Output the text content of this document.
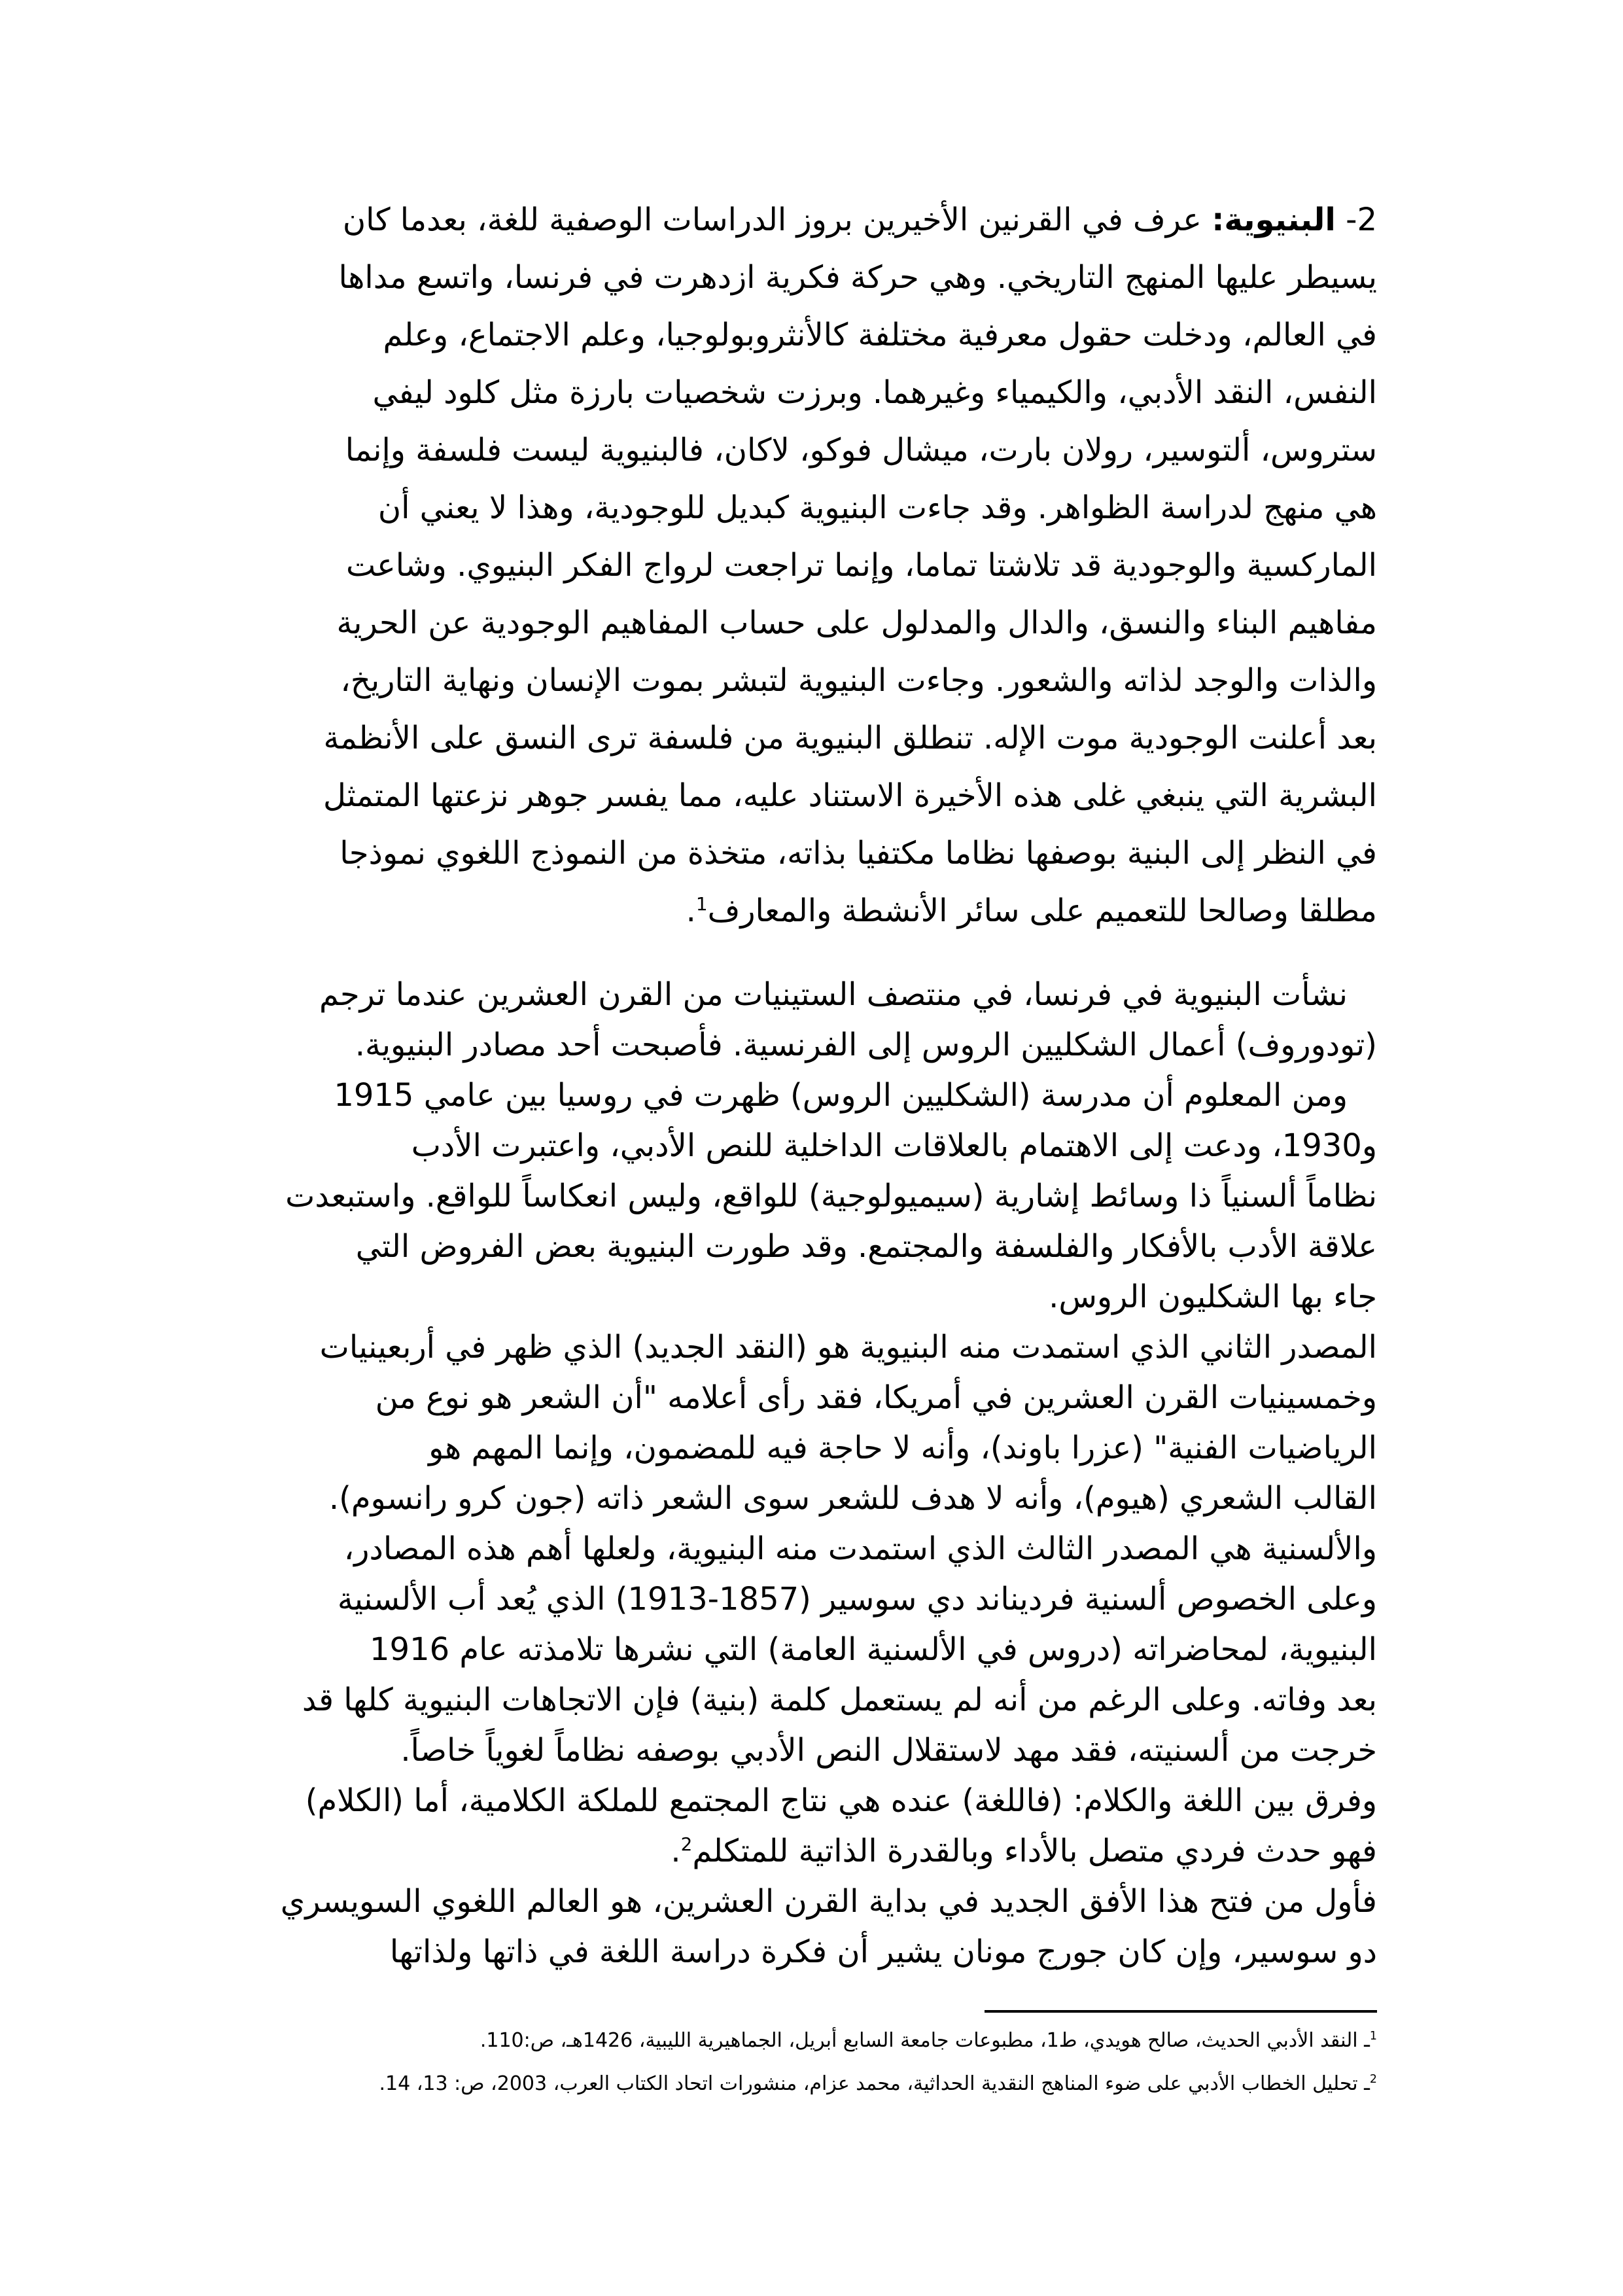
2- البنيوية: عرف في القرنين الأخيرين بروز الدراسات الوصفية للغة، بعدما كان
يسيطر عليها المنهج التاريخي. وهي حركة فكرية ازدهرت في فرنسا، واتسع مداها
في العالم، ودخلت حقول معرفية مختلفة كالأنثروبولوجيا، وعلم الاجتماع، وعلم
النفس، النقد الأدبي، والكيمياء وغيرهما. وبرزت شخصيات بارزة مثل كلود ليفي
ستروس، ألتوسير، رولان بارت، ميشال فوكو، لاكان، فالبنيوية ليست فلسفة وإنما
هي منهج لدراسة الظواهر. وقد جاءت البنيوية كبديل للوجودية، وهذا لا يعني أن
الماركسية والوجودية قد تلاشتا تماما، وإنما تراجعت لرواج الفكر البنيوي. وشاعت
مفاهيم البناء والنسق، والدال والمدلول على حساب المفاهيم الوجودية عن الحرية
والذات والوجد لذاته والشعور. وجاءت البنيوية لتبشر بموت الإنسان ونهاية التاريخ،
بعد أعلنت الوجودية موت الإله. تنطلق البنيوية من فلسفة ترى النسق على الأنظمة
البشرية التي ينبغي غلى هذه الأخيرة الاستناد عليه، مما يفسر جوهر نزعتها المتمثل
في النظر إلى البنية بوصفها نظاما مكتفيا بذاته، متخذة من النموذج اللغوي نموذجا
مطلقا وصالحا للتعميم على سائر الأنشطة والمعارف$^1$.
نشأت البنيوية في فرنسا، في منتصف الستينيات من القرن العشرين عندما ترجم
(تودوروف) أعمال الشكليين الروس إلى الفرنسية. فأصبحت أحد مصادر البنيوية.
ومن المعلوم أن مدرسة (الشكليين الروس) ظهرت في روسيا بين عامي 1915
و1930، ودعت إلى الاهتمام بالعلاقات الداخلية للنص الأدبي، واعتبرت الأدب
نظاماً ألسنياً ذا وسائط إشارية (سيميولوجية) للواقع، وليس انعكاساً للواقع. واستبعدت
علاقة الأدب بالأفكار والفلسفة والمجتمع. وقد طورت البنيوية بعض الفروض التي
جاء بها الشكليون الروس.
المصدر الثاني الذي استمدت منه البنيوية هو (النقد الجديد) الذي ظهر في أربعينيات
وخمسينيات القرن العشرين في أمريكا، فقد رأى أعلامه "أن الشعر هو نوع من
الرياضيات الفنية" (عزرا باوند)، وأنه لا حاجة فيه للمضمون، وإنما المهم هو
القالب الشعري (هيوم)، وأنه لا هدف للشعر سوى الشعر ذاته (جون كرو رانسوم).
والألسنية هي المصدر الثالث الذي استمدت منه البنيوية، ولعلها أهم هذه المصادر،
وعلى الخصوص ألسنية فرديناند دي سوسير (1857‏-‏1913) الذي يُعد أب الألسنية
البنيوية، لمحاضراته (دروس في الألسنية العامة) التي نشرها تلامذته عام 1916
بعد وفاته. وعلى الرغم من أنه لم يستعمل كلمة (بنية) فإن الاتجاهات البنيوية كلها قد
خرجت من ألسنيته، فقد مهد لاستقلال النص الأدبي بوصفه نظاماً لغوياً خاصاً.
وفرق بين اللغة والكلام: (فاللغة) عنده هي نتاج المجتمع للملكة الكلامية، أما (الكلام)
فهو حدث فردي متصل بالأداء وبالقدرة الذاتية للمتكلم$^2$.
فأول من فتح هذا الأفق الجديد في بداية القرن العشرين، هو العالم اللغوي السويسري
دو سوسير، وإن كان جورج مونان يشير أن فكرة دراسة اللغة في ذاتها ولذاتها
$^1$ـ النقد الأدبي الحديث، صالح هويدي، ط1، مطبوعات جامعة السابع أبريل، الجماهيرية الليبية، 1426هـ، ص:110.
$^2$ـ تحليل الخطاب الأدبي على ضوء المناهج النقدية الحداثية، محمد عزام، منشورات اتحاد الكتاب العرب، 2003، ص: 13، 14.
